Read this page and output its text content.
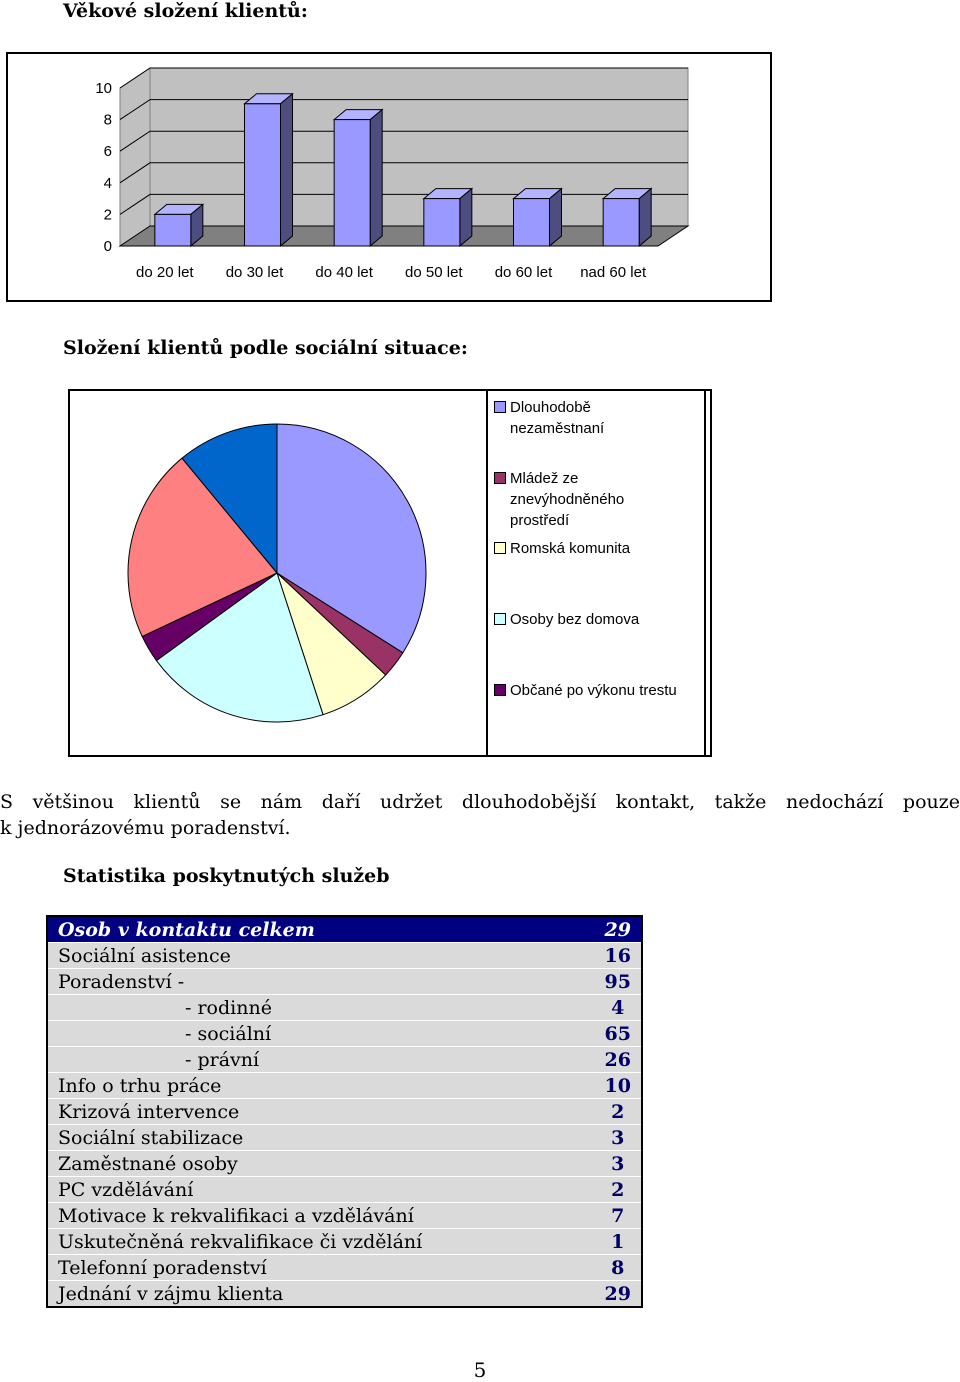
Věkové složení klientů:
0
2
4
6
8
10
do 20 let do 30 let do 40 let do 50 let do 60 let nad 60 let
Složení klientů podle sociální situace:
Dlouhodobě
nezaměstnaní
Mládež ze
znevýhodněného
prostředí
Romská komunita
Osoby bez domova
Občané po výkonu trestu
S většinou klientů se nám daří udržet dlouhodobější kontakt, takže nedochází pouze
k jednorázovému poradenství.
Statistika poskytnutých služeb
Osob v kontaktu celkem	29
Sociální asistence	16
Poradenství -	95
- rodinné	4
- sociální	65
- právní	26
Info o trhu práce	10
Krizová intervence	2
Sociální stabilizace	3
Zaměstnané osoby	3
PC vzdělávání	2
Motivace k rekvalifikaci a vzdělávání	7
Uskutečněná rekvalifikace či vzdělání	1
Telefonní poradenství	8
Jednání v zájmu klienta	29
5
